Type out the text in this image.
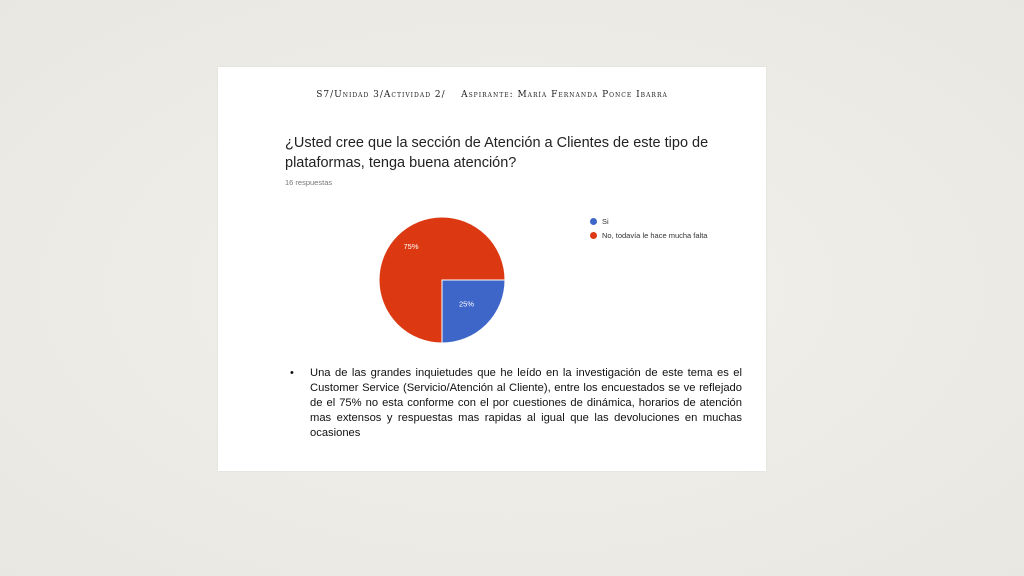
S7/Unidad 3/Actividad 2/    Aspirante: María Fernanda Ponce Ibarra
¿Usted cree que la sección de Atención a Clientes de este tipo de plataformas, tenga buena atención?
16 respuestas
25%
75%
Si
No, todavía le hace mucha falta
•	Una de las grandes inquietudes que he leído en la investigación de este tema es el Customer Service (Servicio/Atención al Cliente), entre los encuestados se ve reflejado de el 75% no esta conforme con el por cuestiones de dinámica, horarios de atención mas extensos y respuestas mas rapidas al igual que las devoluciones en muchas ocasiones
